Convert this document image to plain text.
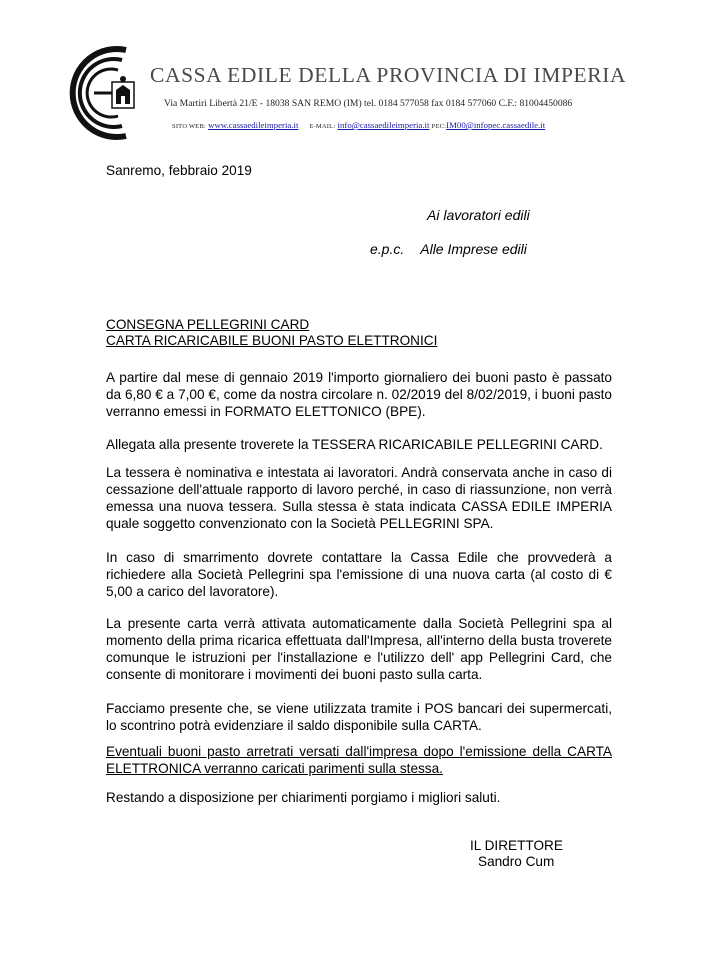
CASSA EDILE DELLA PROVINCIA DI IMPERIA
Via Martiri Libertà 21/E - 18038 SAN REMO (IM) tel. 0184 577058 fax 0184 577060 C.F.: 81004450086
SITO WEB: www.cassaedileimperia.it E-MAIL: info@cassaedileimperia.it PEC:IM00@infopec.cassaedile.it
Sanremo, febbraio 2019
Ai lavoratori edili
e.p.c. Alle Imprese edili
CONSEGNA PELLEGRINI CARD
CARTA RICARICABILE BUONI PASTO ELETTRONICI
A partire dal mese di gennaio 2019 l'importo giornaliero dei buoni pasto è passato da 6,80 € a 7,00 €, come da nostra circolare n. 02/2019 del 8/02/2019, i buoni pasto verranno emessi in FORMATO ELETTONICO (BPE).
Allegata alla presente troverete la TESSERA RICARICABILE PELLEGRINI CARD.
La tessera è nominativa e intestata ai lavoratori. Andrà conservata anche in caso di cessazione dell'attuale rapporto di lavoro perché, in caso di riassunzione, non verrà emessa una nuova tessera. Sulla stessa è stata indicata CASSA EDILE IMPERIA quale soggetto convenzionato con la Società PELLEGRINI SPA.
In caso di smarrimento dovrete contattare la Cassa Edile che provvederà a richiedere alla Società Pellegrini spa l'emissione di una nuova carta (al costo di € 5,00 a carico del lavoratore).
La presente carta verrà attivata automaticamente dalla Società Pellegrini spa al momento della prima ricarica effettuata dall'Impresa, all'interno della busta troverete comunque le istruzioni per l'installazione e l'utilizzo dell' app Pellegrini Card, che consente di monitorare i movimenti dei buoni pasto sulla carta.
Facciamo presente che, se viene utilizzata tramite i POS bancari dei supermercati, lo scontrino potrà evidenziare il saldo disponibile sulla CARTA.
Eventuali buoni pasto arretrati versati dall'impresa dopo l'emissione della CARTA ELETTRONICA verranno caricati parimenti sulla stessa.
Restando a disposizione per chiarimenti porgiamo i migliori saluti.
IL DIRETTORE
Sandro Cum
